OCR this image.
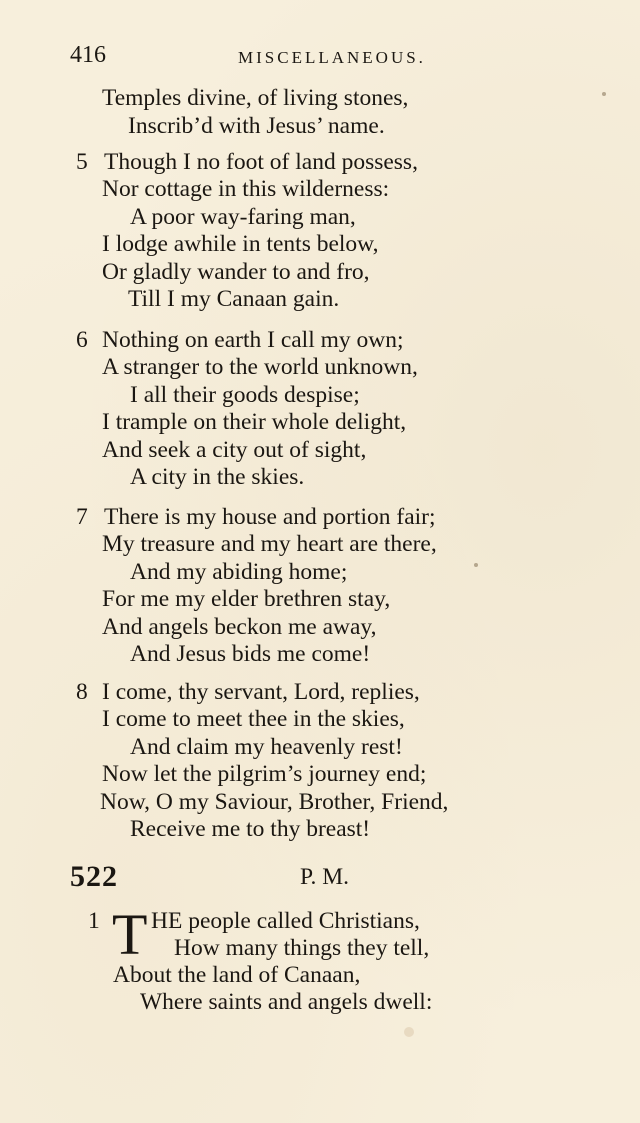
416	MISCELLANEOUS.
Temples divine, of living stones,
Inscrib’d with Jesus’ name.
5 Though I no foot of land possess,
Nor cottage in this wilderness:
A poor way-faring man,
I lodge awhile in tents below,
Or gladly wander to and fro,
Till I my Canaan gain.
6 Nothing on earth I call my own;
A stranger to the world unknown,
I all their goods despise;
I trample on their whole delight,
And seek a city out of sight,
A city in the skies.
7 There is my house and portion fair;
My treasure and my heart are there,
And my abiding home;
For me my elder brethren stay,
And angels beckon me away,
And Jesus bids me come!
8 I come, thy servant, Lord, replies,
I come to meet thee in the skies,
And claim my heavenly rest!
Now let the pilgrim’s journey end;
Now, O my Saviour, Brother, Friend,
Receive me to thy breast!
522	P. M.
1 T HE people called Christians,
How many things they tell,
About the land of Canaan,
Where saints and angels dwell:
